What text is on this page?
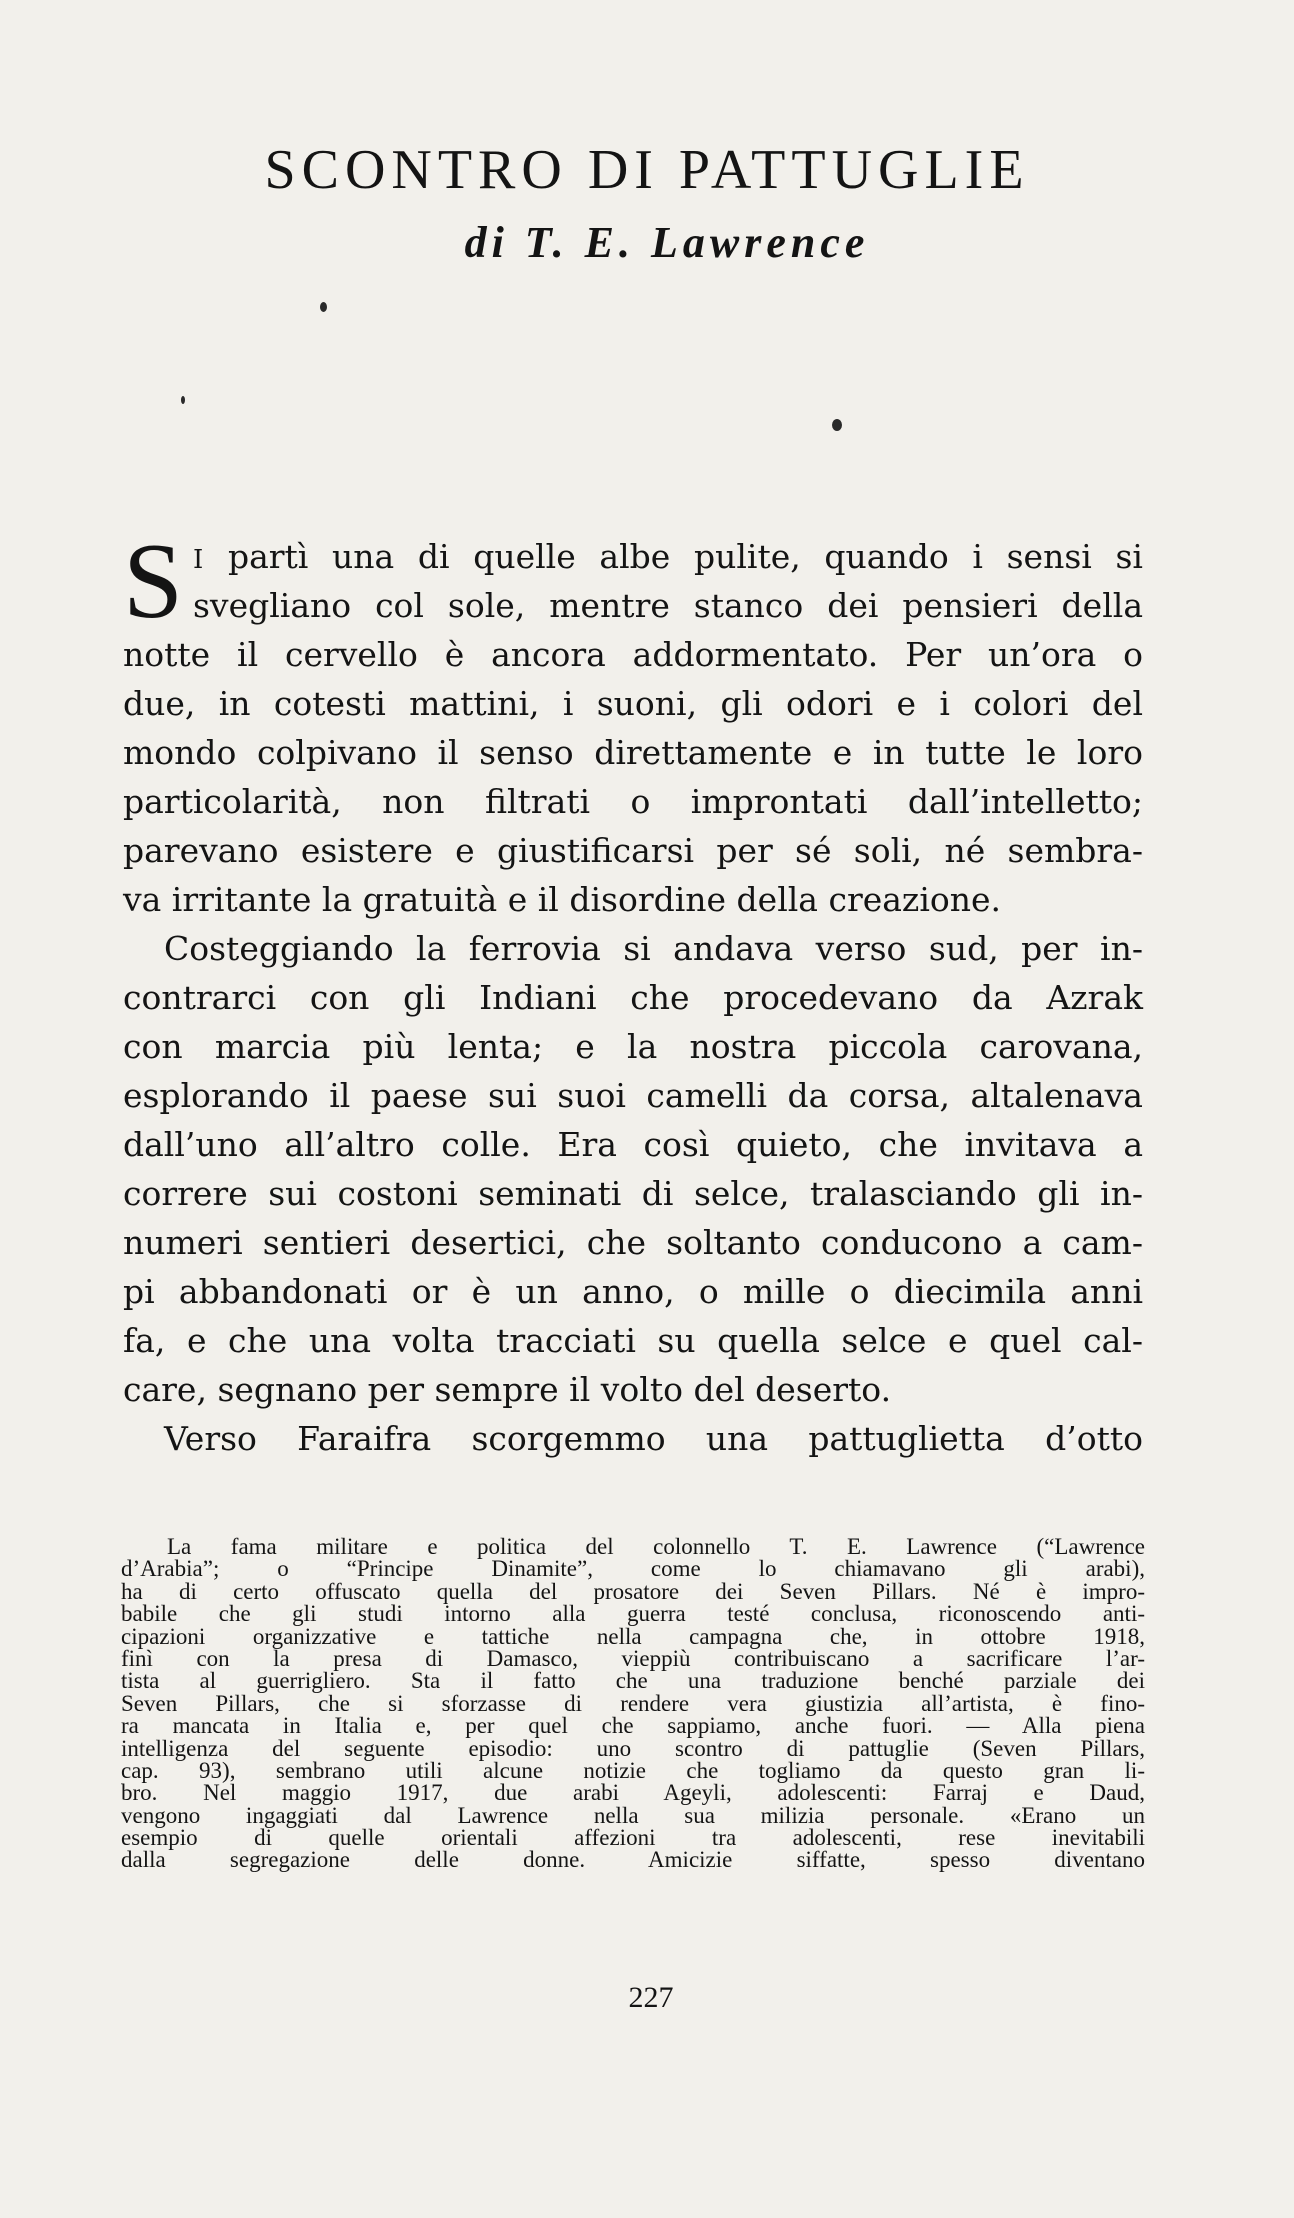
SCONTRO DI PATTUGLIE
di T. E. Lawrence
S I partì una di quelle albe pulite, quando i sensi si
svegliano col sole, mentre stanco dei pensieri della
notte il cervello è ancora addormentato. Per un’ora o
due, in cotesti mattini, i suoni, gli odori e i colori del
mondo colpivano il senso direttamente e in tutte le loro
particolarità, non filtrati o improntati dall’intelletto;
parevano esistere e giustificarsi per sé soli, né sembra-
va irritante la gratuità e il disordine della creazione.
Costeggiando la ferrovia si andava verso sud, per in-
contrarci con gli Indiani che procedevano da Azrak
con marcia più lenta; e la nostra piccola carovana,
esplorando il paese sui suoi camelli da corsa, altalenava
dall’uno all’altro colle. Era così quieto, che invitava a
correre sui costoni seminati di selce, tralasciando gli in-
numeri sentieri desertici, che soltanto conducono a cam-
pi abbandonati or è un anno, o mille o diecimila anni
fa, e che una volta tracciati su quella selce e quel cal-
care, segnano per sempre il volto del deserto.
Verso Faraifra scorgemmo una pattuglietta d’otto
La fama militare e politica del colonnello T. E. Lawrence (“Lawrence
d’Arabia”; o “Principe Dinamite”, come lo chiamavano gli arabi),
ha di certo offuscato quella del prosatore dei Seven Pillars. Né è impro-
babile che gli studi intorno alla guerra testé conclusa, riconoscendo anti-
cipazioni organizzative e tattiche nella campagna che, in ottobre 1918,
finì con la presa di Damasco, vieppiù contribuiscano a sacrificare l’ar-
tista al guerrigliero. Sta il fatto che una traduzione benché parziale dei
Seven Pillars, che si sforzasse di rendere vera giustizia all’artista, è fino-
ra mancata in Italia e, per quel che sappiamo, anche fuori. — Alla piena
intelligenza del seguente episodio: uno scontro di pattuglie (Seven Pillars,
cap. 93), sembrano utili alcune notizie che togliamo da questo gran li-
bro. Nel maggio 1917, due arabi Ageyli, adolescenti: Farraj e Daud,
vengono ingaggiati dal Lawrence nella sua milizia personale. «Erano un
esempio di quelle orientali affezioni tra adolescenti, rese inevitabili
dalla segregazione delle donne. Amicizie siffatte, spesso diventano
227
